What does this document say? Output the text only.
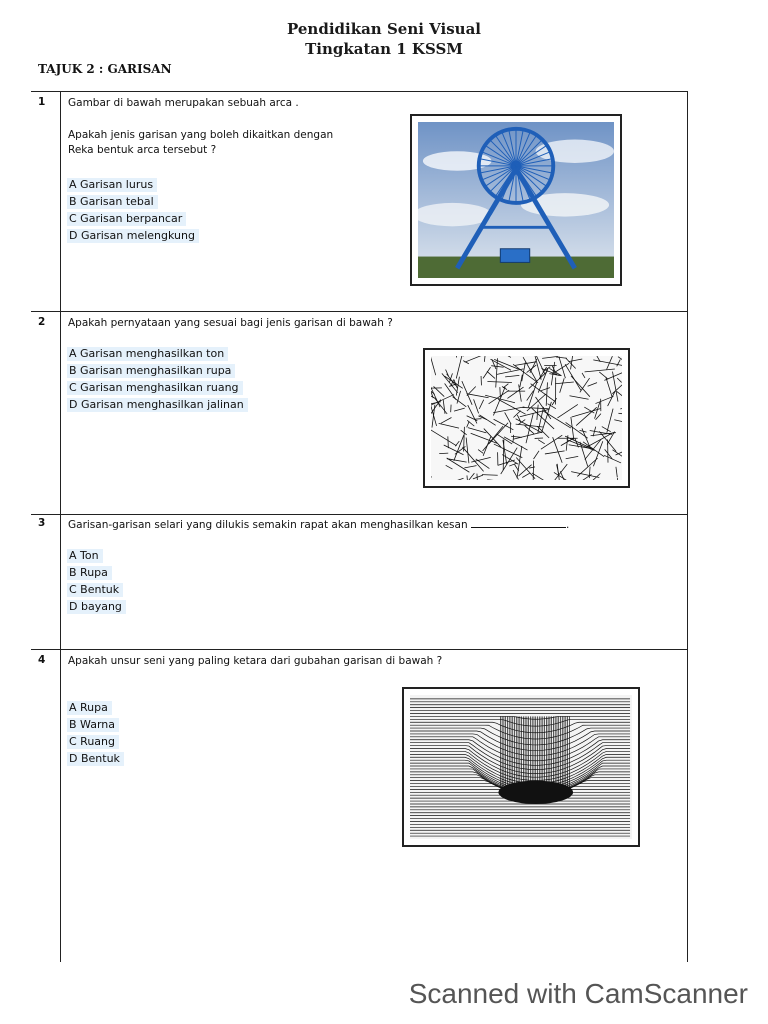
Pendidikan Seni Visual
Tingkatan 1 KSSM
TAJUK 2 : GARISAN
1 Gambar di bawah merupakan sebuah arca .
Apakah jenis garisan yang boleh dikaitkan dengan
Reka bentuk arca tersebut ?
A Garisan lurus
B Garisan tebal
C Garisan berpancar
D Garisan melengkung
2 Apakah pernyataan yang sesuai bagi jenis garisan di bawah ?
A Garisan menghasilkan ton
B Garisan menghasilkan rupa
C Garisan menghasilkan ruang
D Garisan menghasilkan jalinan
3 Garisan-garisan selari yang dilukis semakin rapat akan menghasilkan kesan	.
A Ton
B Rupa
C Bentuk
D bayang
4 Apakah unsur seni yang paling ketara dari gubahan garisan di bawah ?
A Rupa
B Warna
C Ruang
D Bentuk
Scanned with CamScanner
